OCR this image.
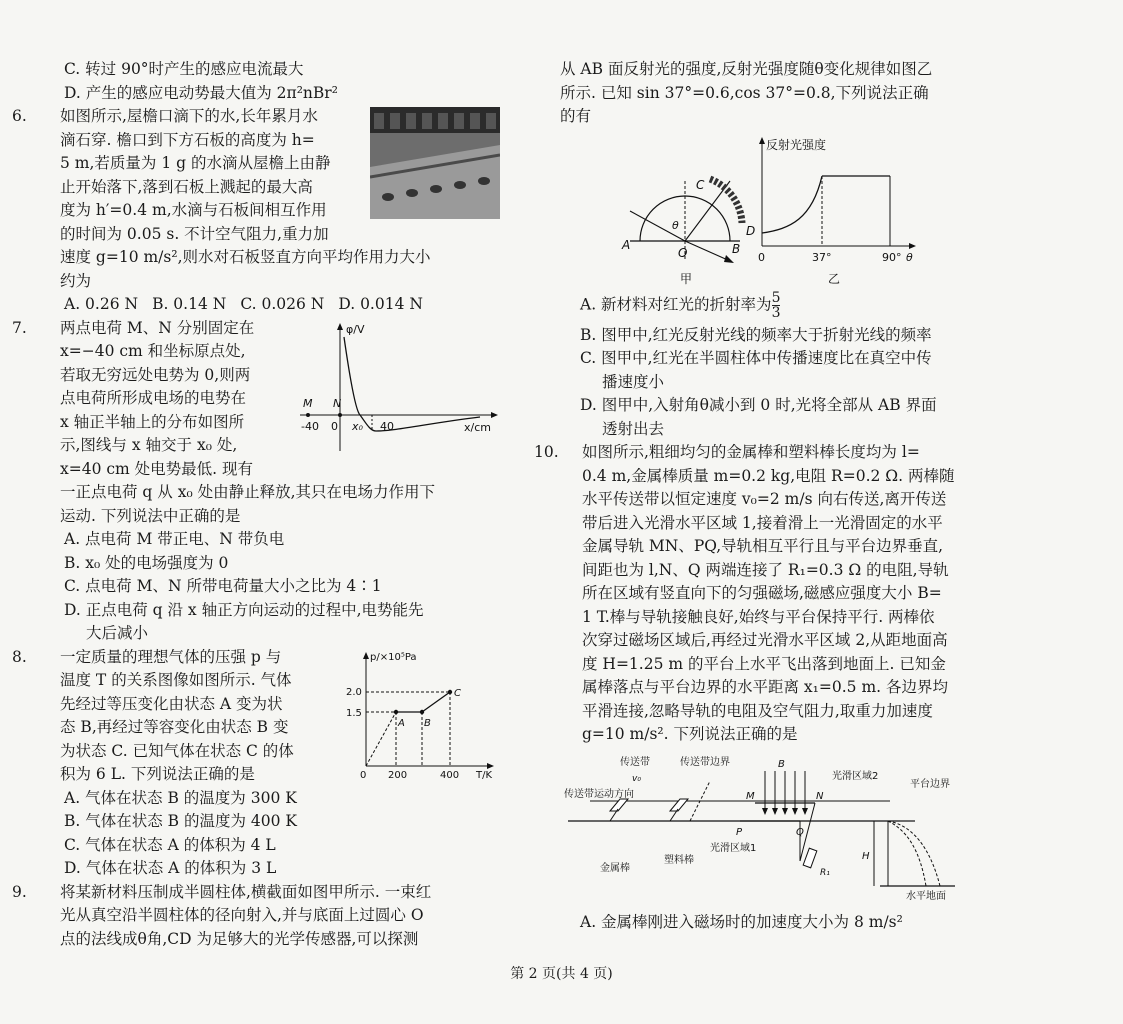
C. 转过 90°时产生的感应电流最大

D. 产生的感应电动势最大值为 2π²nBr²

6. 如图所示,屋檐口滴下的水,长年累月水

滴石穿. 檐口到下方石板的高度为 h=

5 m,若质量为 1 g 的水滴从屋檐上由静

止开始落下,落到石板上溅起的最大高

度为 h′=0.4 m,水滴与石板间相互作用

的时间为 0.05 s. 不计空气阻力,重力加

速度 g=10 m/s²,则水对石板竖直方向平均作用力大小

约为

A. 0.26 N B. 0.14 N C. 0.026 N D. 0.014 N
φ/V
x/cm
M N
-40 0 x₀ 40

7. 两点电荷 M、N 分别固定在

x=−40 cm 和坐标原点处,

若取无穷远处电势为 0,则两

点电荷所形成电场的电势在

x 轴正半轴上的分布如图所

示,图线与 x 轴交于 x₀ 处,

x=40 cm 处电势最低. 现有

一正点电荷 q 从 x₀ 处由静止释放,其只在电场力作用下

运动. 下列说法中正确的是

A. 点电荷 M 带正电、N 带负电

B. x₀ 处的电场强度为 0

C. 点电荷 M、N 所带电荷量大小之比为 4∶1

D. 正点电荷 q 沿 x 轴正方向运动的过程中,电势能先

大后减小

p/×10⁵Pa
T/K
2.0
1.5
0 200	400
A B
C

8. 一定质量的理想气体的压强 p 与

温度 T 的关系图像如图所示. 气体

先经过等压变化由状态 A 变为状

态 B,再经过等容变化由状态 B 变

为状态 C. 已知气体在状态 C 的体

积为 6 L. 下列说法正确的是

A. 气体在状态 B 的温度为 300 K

B. 气体在状态 B 的温度为 400 K

C. 气体在状态 A 的体积为 4 L

D. 气体在状态 A 的体积为 3 L

9. 将某新材料压制成半圆柱体,横截面如图甲所示. 一束红

光从真空沿半圆柱体的径向射入,并与底面上过圆心 O

点的法线成θ角,CD 为足够大的光学传感器,可以探测

从 AB 面反射光的强度,反射光强度随θ变化规律如图乙

所示. 已知 sin 37°=0.6,cos 37°=0.8,下列说法正确

的有

A
O	B
C
D
θ
甲
反射光强度
0	37°	90° θ
乙

A. 新材料对红光的折射率为 $\frac{5}{3}$

B. 图甲中,红光反射光线的频率大于折射光线的频率

C. 图甲中,红光在半圆柱体中传播速度比在真空中传

播速度小

D. 图甲中,入射角θ减小到 0 时,光将全部从 AB 界面

透射出去

10. 如图所示,粗细均匀的金属棒和塑料棒长度均为 l=

0.4 m,金属棒质量 m=0.2 kg,电阻 R=0.2 Ω. 两棒随

水平传送带以恒定速度 v₀=2 m/s 向右传送,离开传送

带后进入光滑水平区域 1,接着滑上一光滑固定的水平

金属导轨 MN、PQ,导轨相互平行且与平台边界垂直,

间距也为 l,N、Q 两端连接了 R₁=0.3 Ω 的电阻,导轨

所在区域有竖直向下的匀强磁场,磁感应强度大小 B=

1 T.棒与导轨接触良好,始终与平台保持平行. 两棒依

次穿过磁场区域后,再经过光滑水平区域 2,从距地面高

度 H=1.25 m 的平台上水平飞出落到地面上. 已知金

属棒落点与平台边界的水平距离 x₁=0.5 m. 各边界均

平滑连接,忽略导轨的电阻及空气阻力,取重力加速度

g=10 m/s². 下列说法正确的是

传送带	传送带边界
传送带运动方向
v₀	光滑区域2
平台边界
光滑区域1
金属棒
塑料棒
水平地面
M	N
P	Q
B
H
R₁

A. 金属棒刚进入磁场时的加速度大小为 8 m/s²

第 2 页(共 4 页)
